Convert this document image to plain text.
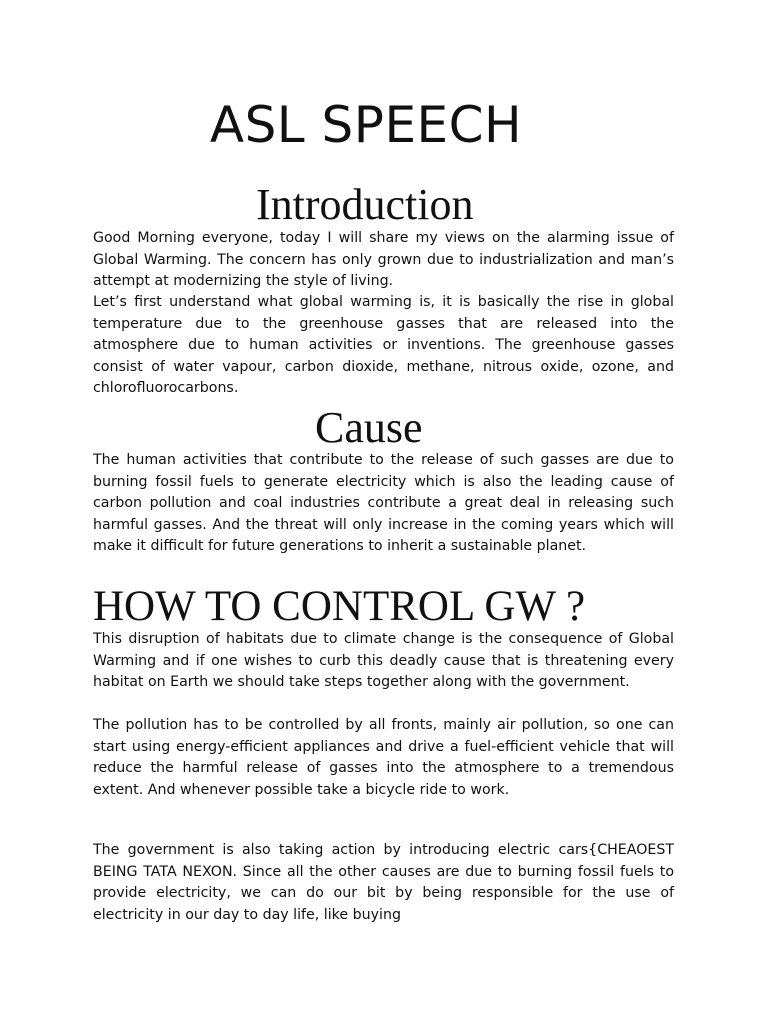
ASL SPEECH
Introduction

Good Morning everyone, today I will share my views on the alarming issue of Global Warming. The concern has only grown due to industrialization and man’s attempt at modernizing the style of living.

Let’s first understand what global warming is, it is basically the rise in global temperature due to the greenhouse gasses that are released into the atmosphere due to human activities or inventions. The greenhouse gasses consist of water vapour, carbon dioxide, methane, nitrous oxide, ozone, and chlorofluorocarbons.

Cause

The human activities that contribute to the release of such gasses are due to burning fossil fuels to generate electricity which is also the leading cause of carbon pollution and coal industries contribute a great deal in releasing such harmful gasses. And the threat will only increase in the coming years which will make it difficult for future generations to inherit a sustainable planet.

HOW TO CONTROL GW ?

This disruption of habitats due to climate change is the consequence of Global Warming and if one wishes to curb this deadly cause that is threatening every habitat on Earth we should take steps together along with the government.

The pollution has to be controlled by all fronts, mainly air pollution, so one can start using energy-efficient appliances and drive a fuel-efficient vehicle that will reduce the harmful release of gasses into the atmosphere to a tremendous extent. And whenever possible take a bicycle ride to work.

The government is also taking action by introducing electric cars{CHEAOEST BEING TATA NEXON. Since all the other causes are due to burning fossil fuels to provide electricity, we can do our bit by being responsible for the use of electricity in our day to day life, like buying
